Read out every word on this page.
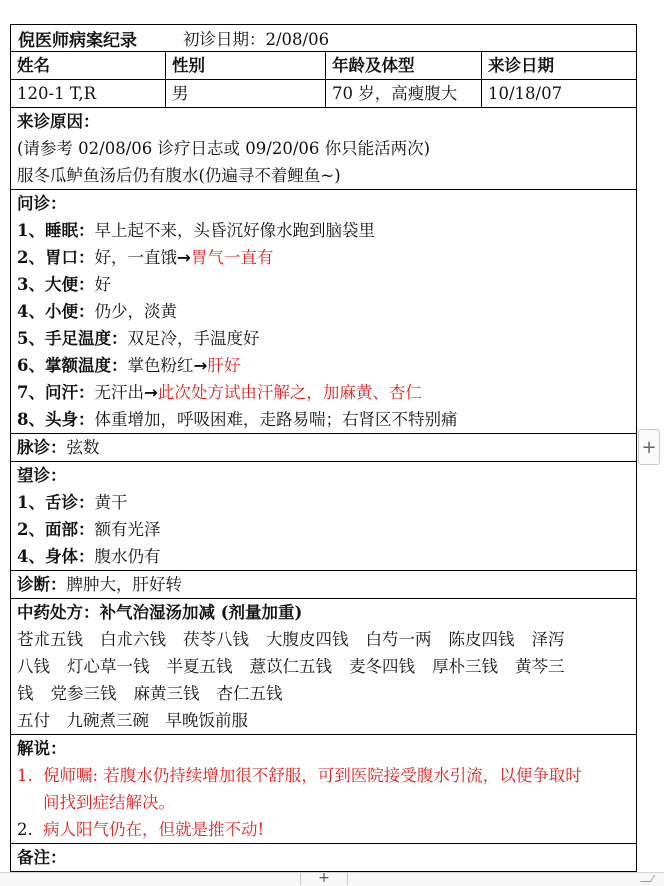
倪医师病案纪录	初诊日期：2/08/06
姓名	性别	年龄及体型	来诊日期
120-1 T,R	男	70 岁，高瘦腹大	10/18/07
来诊原因：
(请参考 02/08/06 诊疗日志或 09/20/06 你只能活两次)
服冬瓜鲈鱼汤后仍有腹水(仍遍寻不着鲤鱼~)
问诊：
1、睡眠：早上起不来，头昏沉好像水跑到脑袋里
2、胃口：好，一直饿→胃气一直有
3、大便：好
4、小便：仍少，淡黄
5、手足温度：双足冷，手温度好
6、掌额温度：掌色粉红→肝好
7、问汗：无汗出→此次处方试由汗解之，加麻黄、杏仁
8、头身：体重增加，呼吸困难，走路易喘；右肾区不特别痛
脉诊：弦数
望诊：
1、舌诊：黄干
2、面部：额有光泽
4、身体：腹水仍有
诊断：脾肿大，肝好转
中药处方：补气治湿汤加减 (剂量加重)
苍朮五钱 白朮六钱 茯苓八钱 大腹皮四钱 白芍一两 陈皮四钱 泽泻
八钱 灯心草一钱 半夏五钱 薏苡仁五钱 麦冬四钱 厚朴三钱 黄芩三
钱 党参三钱 麻黄三钱 杏仁五钱
五付　九碗煮三碗　早晚饭前服
解说：
1. 倪师嘱: 若腹水仍持续增加很不舒服，可到医院接受腹水引流，以便争取时
间找到症结解决。
2. 病人阳气仍在，但就是推不动!
备注：
+
+
